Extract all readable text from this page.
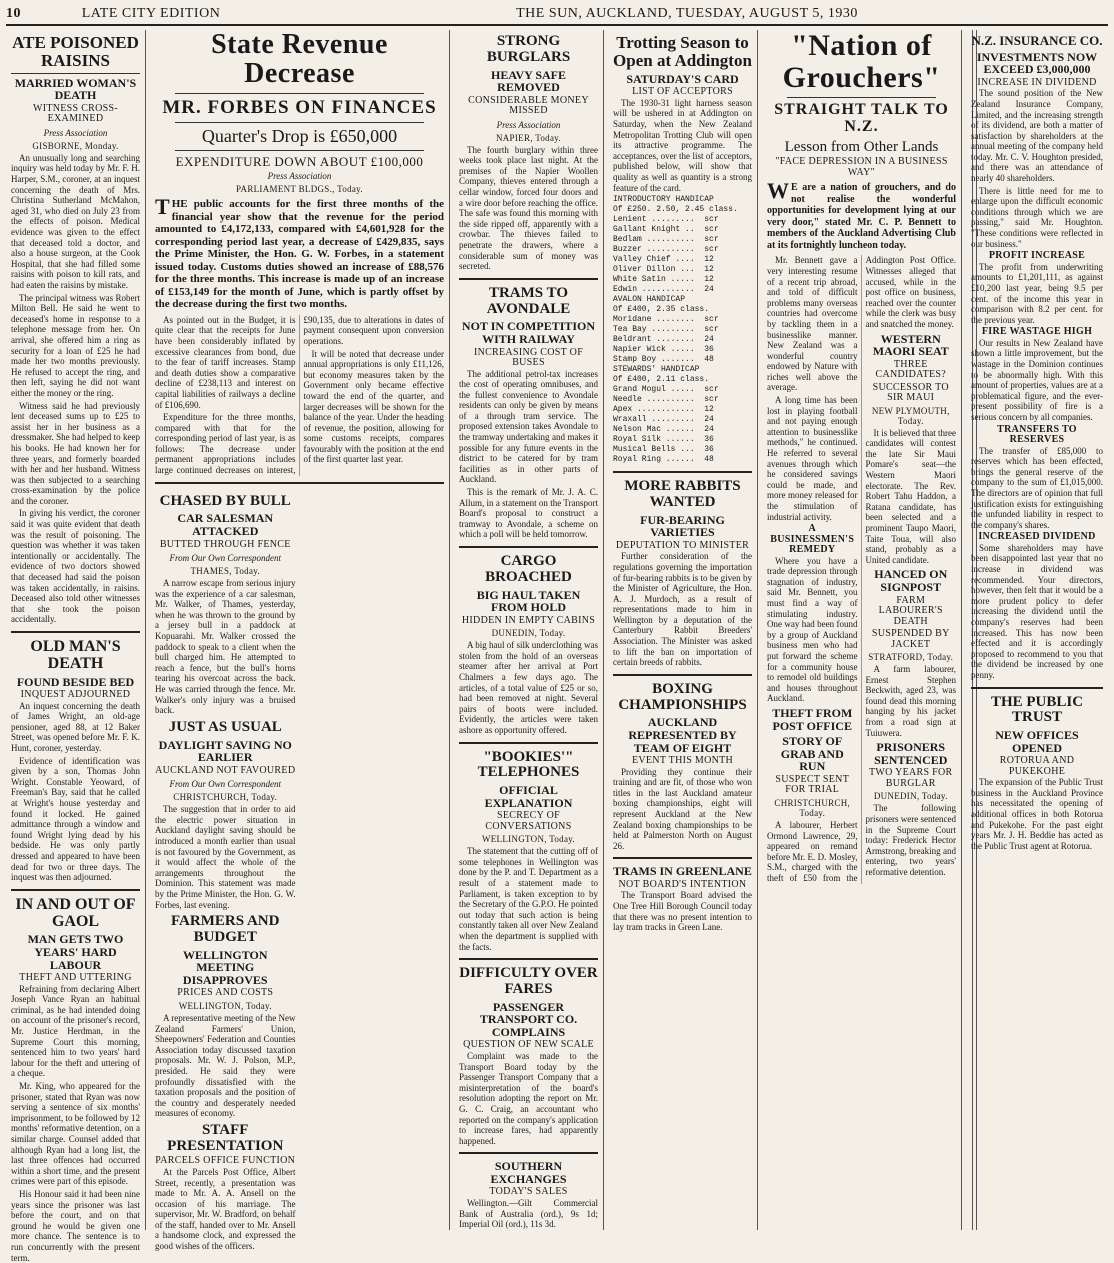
10	LATE CITY EDITION	THE SUN, AUCKLAND, TUESDAY, AUGUST 5, 1930
ATE POISONED RAISINS
MARRIED WOMAN'S DEATH
WITNESS CROSS-EXAMINED
Press Association
GISBORNE, Monday.

An unusually long and searching inquiry was held today by Mr. F. H. Harper, S.M., coroner, at an inquest concerning the death of Mrs. Christina Sutherland McMahon, aged 31, who died on July 23 from the effects of poison. Medical evidence was given to the effect that deceased told a doctor, and also a house surgeon, at the Cook Hospital, that she had filled some raisins with poison to kill rats, and had eaten the raisins by mistake.

The principal witness was Robert Milton Bell. He said he went to deceased's home in response to a telephone message from her. On arrival, she offered him a ring as security for a loan of £25 he had made her two months previously. He refused to accept the ring, and then left, saying he did not want either the money or the ring.

Witness said he had previously lent deceased sums up to £25 to assist her in her business as a dressmaker. She had helped to keep his books. He had known her for three years, and formerly boarded with her and her husband. Witness was then subjected to a searching cross-examination by the police and the coroner.

In giving his verdict, the coroner said it was quite evident that death was the result of poisoning. The question was whether it was taken intentionally or accidentally. The evidence of two doctors showed that deceased had said the poison was taken accidentally, in raisins. Deceased also told other witnesses that she took the poison accidentally.

OLD MAN'S DEATH
FOUND BESIDE BED
INQUEST ADJOURNED

An inquest concerning the death of James Wright, an old-age pensioner, aged 88, at 12 Baker Street, was opened before Mr. F. K. Hunt, coroner, yesterday.

Evidence of identification was given by a son, Thomas John Wright. Constable Yeoward, of Freeman's Bay, said that he called at Wright's house yesterday and found it locked. He gained admittance through a window and found Wright lying dead by his bedside. He was only partly dressed and appeared to have been dead for two or three days. The inquest was then adjourned.

IN AND OUT OF GAOL
MAN GETS TWO YEARS' HARD LABOUR
THEFT AND UTTERING

Refraining from declaring Albert Joseph Vance Ryan an habitual criminal, as he had intended doing on account of the prisoner's record, Mr. Justice Herdman, in the Supreme Court this morning, sentenced him to two years' hard labour for the theft and uttering of a cheque.

Mr. King, who appeared for the prisoner, stated that Ryan was now serving a sentence of six months' imprisonment, to be followed by 12 months' reformative detention, on a similar charge. Counsel added that although Ryan had a long list, the last three offences had occurred within a short time, and the present crimes were part of this episode.

His Honour said it had been nine years since the prisoner was last before the court, and on that ground he would be given one more chance. The sentence is to run concurrently with the present term.

State Revenue Decrease
MR. FORBES ON FINANCES
Quarter's Drop is £650,000
EXPENDITURE DOWN ABOUT £100,000
Press Association
PARLIAMENT BLDGS., Today.

THE public accounts for the first three months of the financial year show that the revenue for the period amounted to £4,172,133, compared with £4,601,928 for the corresponding period last year, a decrease of £429,835, says the Prime Minister, the Hon. G. W. Forbes, in a statement issued today. Customs duties showed an increase of £88,576 for the three months. This increase is made up of an increase of £153,149 for the month of June, which is partly offset by the decrease during the first two months.

As pointed out in the Budget, it is quite clear that the receipts for June have been considerably inflated by excessive clearances from bond, due to the fear of tariff increases. Stamp and death duties show a comparative decline of £238,113 and interest on capital liabilities of railways a decline of £106,690.

Expenditure for the three months, compared with that for the corresponding period of last year, is as follows: The decrease under permanent appropriations includes large continued decreases on interest, £90,135, due to alterations in dates of payment consequent upon conversion operations.

It will be noted that decrease under annual appropriations is only £11,126, but economy measures taken by the Government only became effective toward the end of the quarter, and larger decreases will be shown for the balance of the year. Under the heading of revenue, the position, allowing for some customs receipts, compares favourably with the position at the end of the first quarter last year.

CHASED BY BULL
CAR SALESMAN ATTACKED
BUTTED THROUGH FENCE
From Our Own Correspondent
THAMES, Today.

A narrow escape from serious injury was the experience of a car salesman, Mr. Walker, of Thames, yesterday, when he was thrown to the ground by a jersey bull in a paddock at Kopuarahi. Mr. Walker crossed the paddock to speak to a client when the bull charged him. He attempted to reach a fence, but the bull's horns tearing his overcoat across the back. He was carried through the fence. Mr. Walker's only injury was a bruised back.

JUST AS USUAL
DAYLIGHT SAVING NO EARLIER
AUCKLAND NOT FAVOURED
From Our Own Correspondent
CHRISTCHURCH, Today.

The suggestion that in order to aid the electric power situation in Auckland daylight saving should be introduced a month earlier than usual is not favoured by the Government, as it would affect the whole of the arrangements throughout the Dominion. This statement was made by the Prime Minister, the Hon. G. W. Forbes, last evening.

FARMERS AND BUDGET
WELLINGTON MEETING DISAPPROVES
PRICES AND COSTS
WELLINGTON, Today.

A representative meeting of the New Zealand Farmers' Union, Sheepowners' Federation and Counties Association today discussed taxation proposals. Mr. W. J. Polson, M.P., presided. He said they were profoundly dissatisfied with the taxation proposals and the position of the country and desperately needed measures of economy.

STAFF PRESENTATION
PARCELS OFFICE FUNCTION

At the Parcels Post Office, Albert Street, recently, a presentation was made to Mr. A. A. Ansell on the occasion of his marriage. The supervisor, Mr. W. Bradford, on behalf of the staff, handed over to Mr. Ansell a handsome clock, and expressed the good wishes of the officers.

STRONG BURGLARS
HEAVY SAFE REMOVED
CONSIDERABLE MONEY MISSED
Press Association
NAPIER, Today.

The fourth burglary within three weeks took place last night. At the premises of the Napier Woollen Company, thieves entered through a cellar window, forced four doors and a wire door before reaching the office. The safe was found this morning with the side ripped off, apparently with a crowbar. The thieves failed to penetrate the drawers, where a considerable sum of money was secreted.

TRAMS TO AVONDALE
NOT IN COMPETITION WITH RAILWAY
INCREASING COST OF BUSES

The additional petrol-tax increases the cost of operating omnibuses, and the fullest convenience to Avondale residents can only be given by means of a through tram service. The proposed extension takes Avondale to the tramway undertaking and makes it possible for any future events in the district to be catered for by tram facilities as in other parts of Auckland.

This is the remark of Mr. J. A. C. Allum, in a statement on the Transport Board's proposal to construct a tramway to Avondale, a scheme on which a poll will be held tomorrow.

CARGO BROACHED
BIG HAUL TAKEN FROM HOLD
HIDDEN IN EMPTY CABINS
DUNEDIN, Today.

A big haul of silk underclothing was stolen from the hold of an overseas steamer after her arrival at Port Chalmers a few days ago. The articles, of a total value of £25 or so, had been removed at night. Several pairs of boots were included. Evidently, the articles were taken ashore as opportunity offered.

"BOOKIES'" TELEPHONES
OFFICIAL EXPLANATION
SECRECY OF CONVERSATIONS
WELLINGTON, Today.

The statement that the cutting off of some telephones in Wellington was done by the P. and T. Department as a result of a statement made to Parliament, is taken exception to by the Secretary of the G.P.O. He pointed out today that such action is being constantly taken all over New Zealand when the department is supplied with the facts.

DIFFICULTY OVER FARES
PASSENGER TRANSPORT CO. COMPLAINS
QUESTION OF NEW SCALE

Complaint was made to the Transport Board today by the Passenger Transport Company that a misinterpretation of the board's resolution adopting the report on Mr. G. C. Craig, an accountant who reported on the company's application to increase fares, had apparently happened.

SOUTHERN EXCHANGES
TODAY'S SALES

Wellington.—Gilt Commercial Bank of Australia (ord.), 9s 1d; Imperial Oil (ord.), 11s 3d.

Trotting Season to Open at Addington
SATURDAY'S CARD
LIST OF ACCEPTORS

The 1930-31 light harness season will be ushered in at Addington on Saturday, when the New Zealand Metropolitan Trotting Club will open its attractive programme. The acceptances, over the list of acceptors, published below, will show that quality as well as quantity is a strong feature of the card.

INTRODUCTORY HANDICAP
Of £250. 2.50, 2.45 class.
Lenient .........  scr
Gallant Knight ..  scr
Bedlam ..........  scr
Buzzer ..........  scr
Valley Chief ....  12
Oliver Dillon ...  12
White Satin .....  12
Edwin ...........  24
AVALON HANDICAP
Of £400, 2.35 class.
Moridane ........  scr
Tea Bay .........  scr
Beldrant ........  24
Napier Wick .....  36
Stamp Boy .......  48
STEWARDS' HANDICAP
Of £400, 2.11 class.
Grand Mogul .....  scr
Needle ..........  scr
Apex ............  12
Wraxall .........  24
Nelson Mac ......  24
Royal Silk ......  36
Musical Bells ...  36
Royal Ring ......  48
MORE RABBITS WANTED
FUR-BEARING VARIETIES
DEPUTATION TO MINISTER

Further consideration of the regulations governing the importation of fur-bearing rabbits is to be given by the Minister of Agriculture, the Hon. A. J. Murdoch, as a result of representations made to him in Wellington by a deputation of the Canterbury Rabbit Breeders' Association. The Minister was asked to lift the ban on importation of certain breeds of rabbits.

BOXING CHAMPIONSHIPS
AUCKLAND REPRESENTED BY TEAM OF EIGHT
EVENT THIS MONTH

Providing they continue their training and are fit, of those who won titles in the last Auckland amateur boxing championships, eight will represent Auckland at the New Zealand boxing championships to be held at Palmerston North on August 26.

TRAMS IN GREENLANE
NOT BOARD'S INTENTION

The Transport Board advised the One Tree Hill Borough Council today that there was no present intention to lay tram tracks in Green Lane.

"Nation of Grouchers"
STRAIGHT TALK TO N.Z.
Lesson from Other Lands
"FACE DEPRESSION IN A BUSINESS WAY"

WE are a nation of grouchers, and do not realise the wonderful opportunities for development lying at our very door," stated Mr. C. P. Bennett to members of the Auckland Advertising Club at its fortnightly luncheon today.

Mr. Bennett gave a very interesting resume of a recent trip abroad, and told of difficult problems many overseas countries had overcome by tackling them in a businesslike manner. New Zealand was a wonderful country endowed by Nature with riches well above the average.

A long time has been lost in playing football and not paying enough attention to businesslike methods," he continued. He referred to several avenues through which he considered savings could be made, and more money released for the stimulation of industrial activity.

A BUSINESSMEN'S REMEDY

Where you have a trade depression through stagnation of industry, said Mr. Bennett, you must find a way of stimulating industry. One way had been found by a group of Auckland business men who had put forward the scheme for a community house to remodel old buildings and houses throughout Auckland.

THEFT FROM POST OFFICE
STORY OF GRAB AND RUN
SUSPECT SENT FOR TRIAL
CHRISTCHURCH, Today.

A labourer, Herbert Ormond Lawrence, 29, appeared on remand before Mr. E. D. Mosley, S.M., charged with the theft of £50 from the Addington Post Office. Witnesses alleged that accused, while in the post office on business, reached over the counter while the clerk was busy and snatched the money.

WESTERN MAORI SEAT
THREE CANDIDATES?
SUCCESSOR TO SIR MAUI
NEW PLYMOUTH, Today.

It is believed that three candidates will contest the late Sir Maui Pomare's seat—the Western Maori electorate. The Rev. Robert Tahu Haddon, a Ratana candidate, has been selected and a prominent Taupo Maori, Taite Toua, will also stand, probably as a United candidate.

HANCED ON SIGNPOST
FARM LABOURER'S DEATH
SUSPENDED BY JACKET
STRATFORD, Today.

A farm labourer, Ernest Stephen Beckwith, aged 23, was found dead this morning hanging by his jacket from a road sign at Tuiuwera.

PRISONERS SENTENCED
TWO YEARS FOR BURGLAR
DUNEDIN, Today.

The following prisoners were sentenced in the Supreme Court today: Frederick Hector Armstrong, breaking and entering, two years' reformative detention.

N.Z. INSURANCE CO.
INVESTMENTS NOW EXCEED £3,000,000
INCREASE IN DIVIDEND

The sound position of the New Zealand Insurance Company, Limited, and the increasing strength of its dividend, are both a matter of satisfaction by shareholders at the annual meeting of the company held today. Mr. C. V. Houghton presided, and there was an attendance of nearly 40 shareholders.

There is little need for me to enlarge upon the difficult economic conditions through which we are passing," said Mr. Houghton. "These conditions were reflected in our business."

PROFIT INCREASE

The profit from underwriting amounts to £1,201,111, as against £10,200 last year, being 9.5 per cent. of the income this year in comparison with 8.2 per cent. for the previous year.

FIRE WASTAGE HIGH

Our results in New Zealand have shown a little improvement, but the wastage in the Dominion continues to be abnormally high. With this amount of properties, values are at a problematical figure, and the ever-present possibility of fire is a serious concern by all companies.

TRANSFERS TO RESERVES

The transfer of £85,000 to reserves which has been effected, brings the general reserve of the company to the sum of £1,015,000. The directors are of opinion that full justification exists for extinguishing the unfunded liability in respect to the company's shares.

INCREASED DIVIDEND

Some shareholders may have been disappointed last year that no increase in dividend was recommended. Your directors, however, then felt that it would be a more prudent policy to defer increasing the dividend until the company's reserves had been increased. This has now been effected and it is accordingly proposed to recommend to you that the dividend be increased by one penny.

THE PUBLIC TRUST
NEW OFFICES OPENED
ROTORUA AND PUKEKOHE

The expansion of the Public Trust business in the Auckland Province has necessitated the opening of additional offices in both Rotorua and Pukekohe. For the past eight years Mr. J. H. Beddie has acted as the Public Trust agent at Rotorua.
